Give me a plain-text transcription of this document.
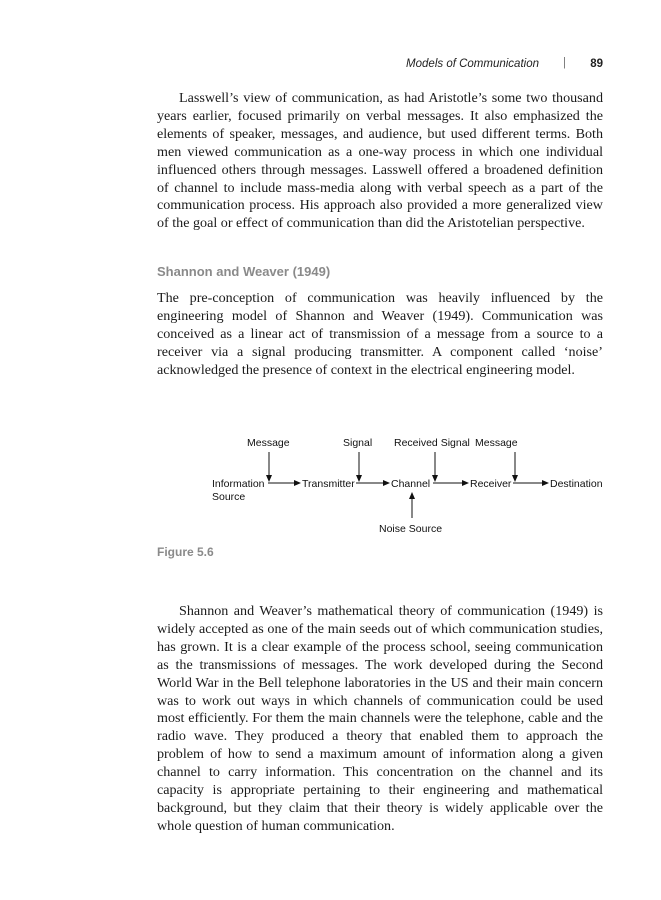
Models of Communication | 89

Lasswell’s view of communication, as had Aristotle’s some two thousand years earlier, focused primarily on verbal messages. It also emphasized the elements of speaker, messages, and audience, but used different terms. Both men viewed communication as a one-way process in which one individual influenced others through messages. Lasswell offered a broadened definition of channel to include mass-media along with verbal speech as a part of the communication process. His approach also provided a more generalized view of the goal or effect of communication than did the Aristotelian perspective.

Shannon and Weaver (1949)

The pre-conception of communication was heavily influenced by the engineering model of Shannon and Weaver (1949). Communication was conceived as a linear act of transmission of a message from a source to a receiver via a signal producing transmitter. A component called ‘noise’ acknowledged the presence of context in the electrical engineering model.

Message	Signal Received Signal Message
Information
Source
Transmitter	Channel	Receiver	Destination
Noise Source

Figure 5.6

Shannon and Weaver’s mathematical theory of communication (1949) is widely accepted as one of the main seeds out of which communication studies, has grown. It is a clear example of the process school, seeing communication as the transmissions of messages. The work developed during the Second World War in the Bell telephone laboratories in the US and their main concern was to work out ways in which channels of communication could be used most efficiently. For them the main channels were the telephone, cable and the radio wave. They produced a theory that enabled them to approach the problem of how to send a maximum amount of information along a given channel to carry information. This concentration on the channel and its capacity is appropriate pertaining to their engineering and mathematical background, but they claim that their theory is widely applicable over the whole question of human communication.
